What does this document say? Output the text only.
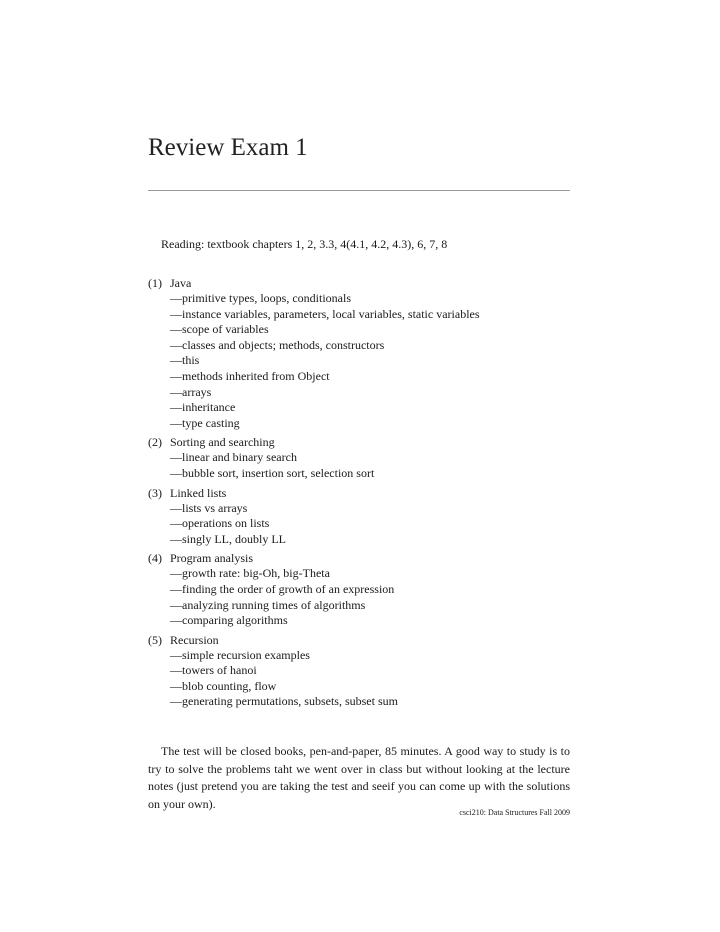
Review Exam 1
Reading: textbook chapters 1, 2, 3.3, 4(4.1, 4.2, 4.3), 6, 7, 8
(1) Java
—primitive types, loops, conditionals
—instance variables, parameters, local variables, static variables
—scope of variables
—classes and objects; methods, constructors
—this
—methods inherited from Object
—arrays
—inheritance
—type casting
(2) Sorting and searching
—linear and binary search
—bubble sort, insertion sort, selection sort
(3) Linked lists
—lists vs arrays
—operations on lists
—singly LL, doubly LL
(4) Program analysis
—growth rate: big-Oh, big-Theta
—finding the order of growth of an expression
—analyzing running times of algorithms
—comparing algorithms
(5) Recursion
—simple recursion examples
—towers of hanoi
—blob counting, flow
—generating permutations, subsets, subset sum

The test will be closed books, pen-and-paper, 85 minutes. A good way to study is to try to solve the problems taht we went over in class but without looking at the lecture notes (just pretend you are taking the test and seeif you can come up with the solutions on your own).

csci210: Data Structures Fall 2009
